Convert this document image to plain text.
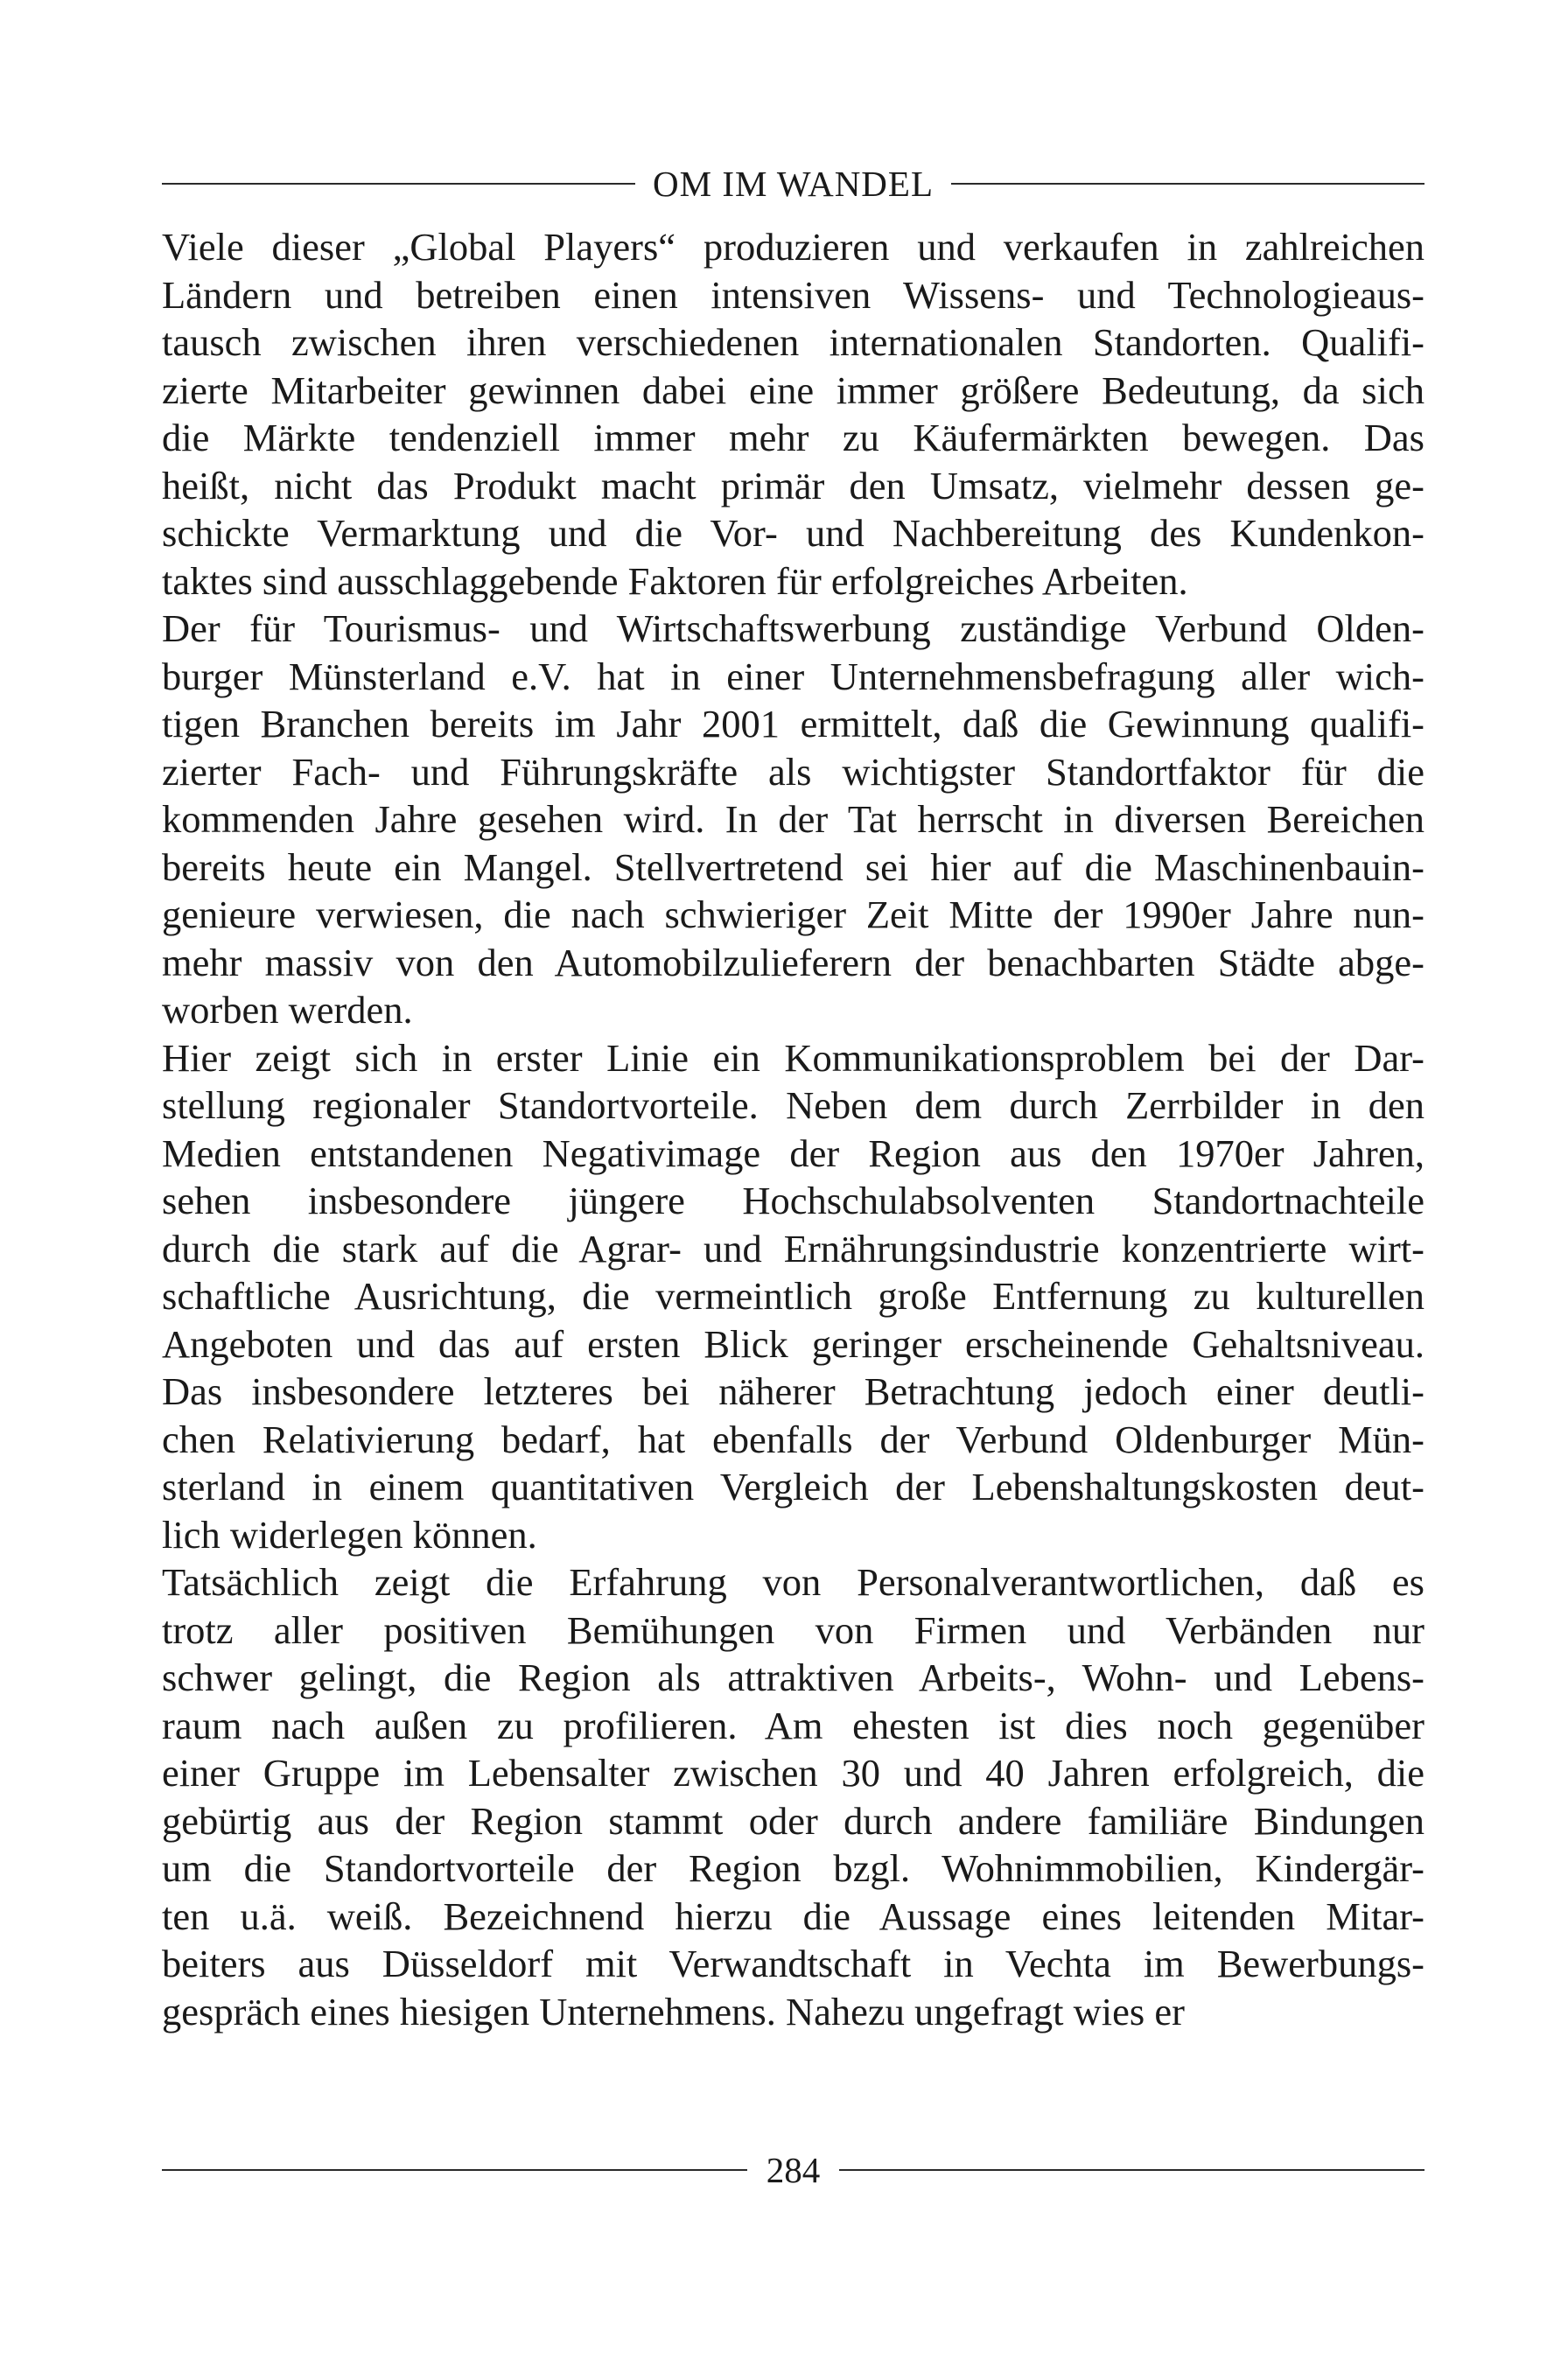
OM IM WANDEL

Viele dieser „Global Players“ produzieren und verkaufen in zahlreichen
Ländern und betreiben einen intensiven Wissens- und Technologieaus-
tausch zwischen ihren verschiedenen internationalen Standorten. Qualifi-
zierte Mitarbeiter gewinnen dabei eine immer größere Bedeutung, da sich
die Märkte tendenziell immer mehr zu Käufermärkten bewegen. Das
heißt, nicht das Produkt macht primär den Umsatz, vielmehr dessen ge-
schickte Vermarktung und die Vor- und Nachbereitung des Kundenkon-
taktes sind ausschlaggebende Faktoren für erfolgreiches Arbeiten.

Der für Tourismus- und Wirtschaftswerbung zuständige Verbund Olden-
burger Münsterland e.V. hat in einer Unternehmensbefragung aller wich-
tigen Branchen bereits im Jahr 2001 ermittelt, daß die Gewinnung qualifi-
zierter Fach- und Führungskräfte als wichtigster Standortfaktor für die
kommenden Jahre gesehen wird. In der Tat herrscht in diversen Bereichen
bereits heute ein Mangel. Stellvertretend sei hier auf die Maschinenbauin-
genieure verwiesen, die nach schwieriger Zeit Mitte der 1990er Jahre nun-
mehr massiv von den Automobilzulieferern der benachbarten Städte abge-
worben werden.

Hier zeigt sich in erster Linie ein Kommunikationsproblem bei der Dar-
stellung regionaler Standortvorteile. Neben dem durch Zerrbilder in den
Medien entstandenen Negativimage der Region aus den 1970er Jahren,
sehen insbesondere jüngere Hochschulabsolventen Standortnachteile
durch die stark auf die Agrar- und Ernährungsindustrie konzentrierte wirt-
schaftliche Ausrichtung, die vermeintlich große Entfernung zu kulturellen
Angeboten und das auf ersten Blick geringer erscheinende Gehaltsniveau.
Das insbesondere letzteres bei näherer Betrachtung jedoch einer deutli-
chen Relativierung bedarf, hat ebenfalls der Verbund Oldenburger Mün-
sterland in einem quantitativen Vergleich der Lebenshaltungskosten deut-
lich widerlegen können.

Tatsächlich zeigt die Erfahrung von Personalverantwortlichen, daß es
trotz aller positiven Bemühungen von Firmen und Verbänden nur
schwer gelingt, die Region als attraktiven Arbeits-, Wohn- und Lebens-
raum nach außen zu profilieren. Am ehesten ist dies noch gegenüber
einer Gruppe im Lebensalter zwischen 30 und 40 Jahren erfolgreich, die
gebürtig aus der Region stammt oder durch andere familiäre Bindungen
um die Standortvorteile der Region bzgl. Wohnimmobilien, Kindergär-
ten u.ä. weiß. Bezeichnend hierzu die Aussage eines leitenden Mitar-
beiters aus Düsseldorf mit Verwandtschaft in Vechta im Bewerbungs-
gespräch eines hiesigen Unternehmens. Nahezu ungefragt wies er

284
